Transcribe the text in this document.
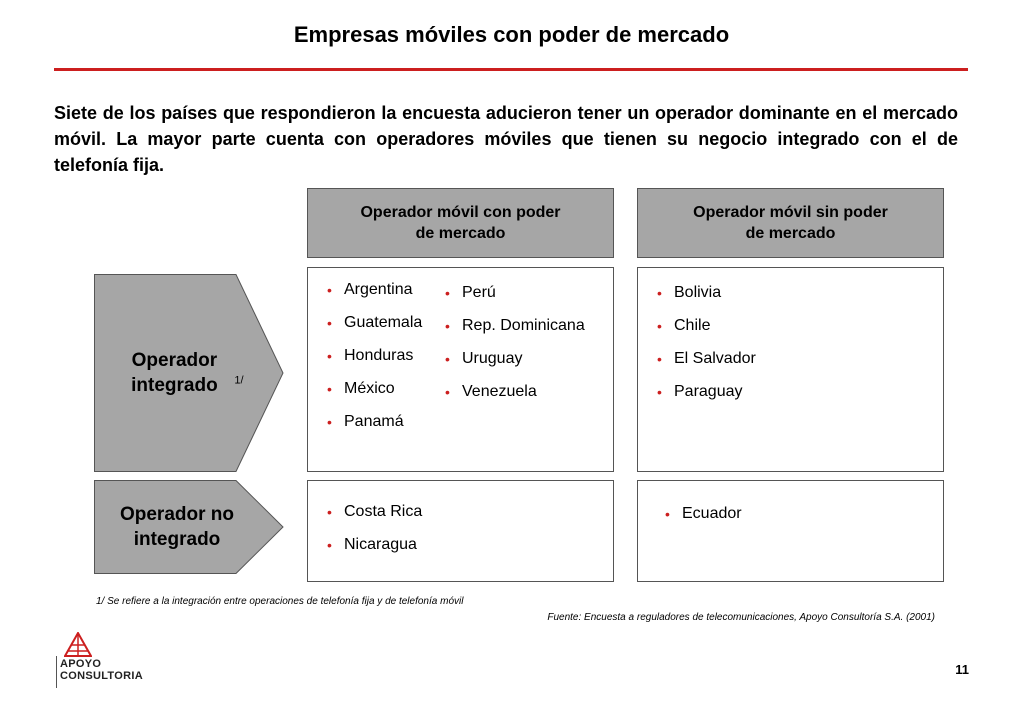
Empresas móviles con poder de mercado
Siete de los países que respondieron la encuesta aducieron tener un operador dominante en el mercado móvil. La mayor parte cuenta con operadores móviles que tienen su negocio integrado con el de telefonía fija.
Operador móvil con poder
de mercado
Operador móvil sin poder
de mercado
Operador integrado $^{1/}$
Operador no integrado
• Argentina
• Guatemala
• Honduras
• México
• Panamá
• Perú
• Rep. Dominicana
• Uruguay
• Venezuela
• Bolivia
• Chile
• El Salvador
• Paraguay
• Costa Rica
• Nicaragua
• Ecuador
1/ Se refiere a la integración entre operaciones de telefonía fija y de telefonía móvil
Fuente: Encuesta a reguladores de telecomunicaciones, Apoyo Consultoría S.A. (2001)
APOYO
CONSULTORIA	11
